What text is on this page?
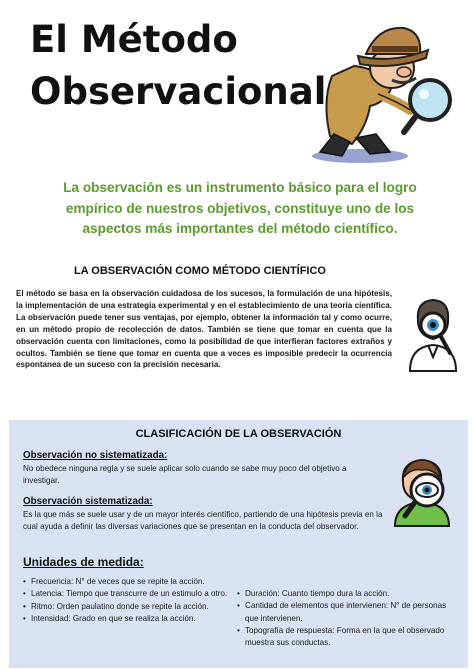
El Método
Observacional
La observación es un instrumento básico para el logro empírico de nuestros objetivos, constituye uno de los aspectos más importantes del método científico.
LA OBSERVACIÓN COMO MÉTODO CIENTÍFICO
El método se basa en la observación cuidadosa de los sucesos, la formulación de una hipótesis, la implementación de una estrategia experimental y en el establecimiento de una teoría científica. La observación puede tener sus ventajas, por ejemplo, obtener la información tal y como ocurre, en un método propio de recolección de datos. También se tiene que tomar en cuenta que la observación cuenta con limitaciones, como la posibilidad de que interfieran factores extraños y ocultos. También se tiene que tomar en cuenta que a veces es imposible predecir la ocurrencia espontanea de un suceso con la precisión necesaria.
CLASIFICACIÓN DE LA OBSERVACIÓN
Observación no sistematizada:
No obedece ninguna regla y se suele aplicar solo cuando se sabe muy poco del objetivo a investigar.
Observación sistematizada:
Es la que más se suele usar y de un mayor interés científico, partiendo de una hipótesis previa en la cual ayuda a definir las diversas variaciones que se presentan en la conducta del observador.
Unidades de medida:
• Frecuencia: N° de veces que se repite la acción.
• Latencia: Tiempo que transcurre de un estimulo a otro.
• Ritmo: Orden paulatino donde se repite la acción.
• Intensidad: Grado en que se realiza la acción.
• Duración: Cuanto tiempo dura la acción.
• Cantidad de elementos que intervienen: N° de personas que intervienen.
• Topografía de respuesta: Forma en la que el observado muestra sus conductas.
